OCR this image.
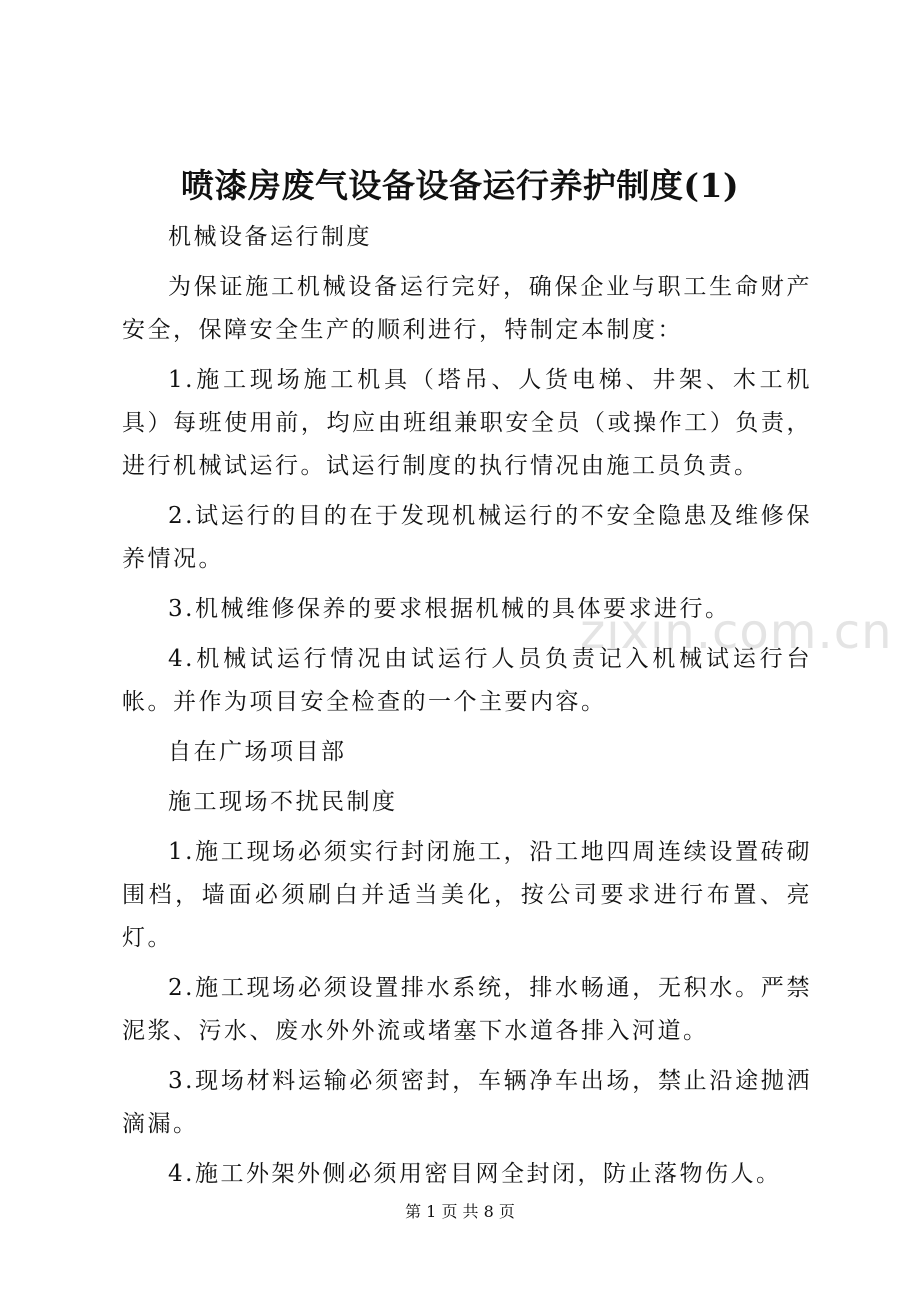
喷漆房废气设备设备运行养护制度(1)
zixin.com.cn

机械设备运行制度

为保证施工机械设备运行完好，确保企业与职工生命财产安全，保障安全生产的顺利进行，特制定本制度：

1.施工现场施工机具（塔吊、人货电梯、井架、木工机具）每班使用前，均应由班组兼职安全员（或操作工）负责，进行机械试运行。试运行制度的执行情况由施工员负责。

2.试运行的目的在于发现机械运行的不安全隐患及维修保养情况。

3.机械维修保养的要求根据机械的具体要求进行。

4.机械试运行情况由试运行人员负责记入机械试运行台帐。并作为项目安全检查的一个主要内容。

自在广场项目部

施工现场不扰民制度

1.施工现场必须实行封闭施工，沿工地四周连续设置砖砌围档，墙面必须刷白并适当美化，按公司要求进行布置、亮灯。

2.施工现场必须设置排水系统，排水畅通，无积水。严禁泥浆、污水、废水外外流或堵塞下水道各排入河道。

3.现场材料运输必须密封，车辆净车出场，禁止沿途抛洒滴漏。

4.施工外架外侧必须用密目网全封闭，防止落物伤人。

第 1 页 共 8 页
